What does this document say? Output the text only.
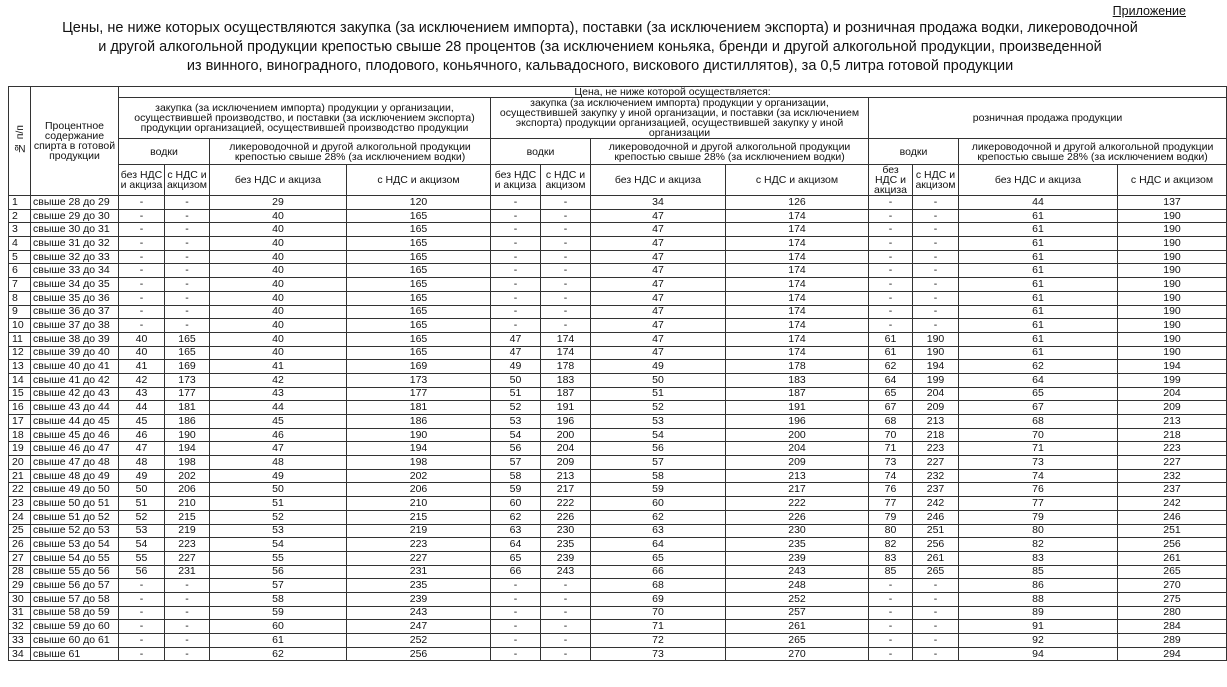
Приложение
Цены, не ниже которых осуществляются закупка (за исключением импорта), поставки (за исключением экспорта) и розничная продажа водки, ликероводочной
и другой алкогольной продукции крепостью свыше 28 процентов (за исключением коньяка, бренди и другой алкогольной продукции, произведенной
из винного, виноградного, плодового, коньячного, кальвадосного, вискового дистиллятов), за 0,5 литра готовой продукции
№ п/п	Процентное содержание спирта в готовой продукции	Цена, не ниже которой осуществляется:											
		закупка (за исключением импорта) продукции у организации, осуществившей производство, и поставки (за исключением экспорта) продукции организацией, осуществившей производство продукции				закупка (за исключением импорта) продукции у организации, осуществившей закупку у иной организации, и поставки (за исключением экспорта) продукции организацией, осуществившей закупку у иной организации				розничная продажа продукции			
		водки		ликероводочной и другой алкогольной продукции крепостью свыше 28% (за исключением водки)		водки		ликероводочной и другой алкогольной продукции крепостью свыше 28% (за исключением водки)		водки		ликероводочной и другой алкогольной продукции крепостью свыше 28% (за исключением водки)	
		без НДС и акциза	с НДС и акцизом	без НДС и акциза	с НДС и акцизом	без НДС и акциза	с НДС и акцизом	без НДС и акциза	с НДС и акцизом	без НДС и акциза	с НДС и акцизом	без НДС и акциза	с НДС и акцизом
1	свыше 28 до 29	-	-	29	120	-	-	34	126	-	-	44	137
2	свыше 29 до 30	-	-	40	165	-	-	47	174	-	-	61	190
3	свыше 30 до 31	-	-	40	165	-	-	47	174	-	-	61	190
4	свыше 31 до 32	-	-	40	165	-	-	47	174	-	-	61	190
5	свыше 32 до 33	-	-	40	165	-	-	47	174	-	-	61	190
6	свыше 33 до 34	-	-	40	165	-	-	47	174	-	-	61	190
7	свыше 34 до 35	-	-	40	165	-	-	47	174	-	-	61	190
8	свыше 35 до 36	-	-	40	165	-	-	47	174	-	-	61	190
9	свыше 36 до 37	-	-	40	165	-	-	47	174	-	-	61	190
10	свыше 37 до 38	-	-	40	165	-	-	47	174	-	-	61	190
11	свыше 38 до 39	40	165	40	165	47	174	47	174	61	190	61	190
12	свыше 39 до 40	40	165	40	165	47	174	47	174	61	190	61	190
13	свыше 40 до 41	41	169	41	169	49	178	49	178	62	194	62	194
14	свыше 41 до 42	42	173	42	173	50	183	50	183	64	199	64	199
15	свыше 42 до 43	43	177	43	177	51	187	51	187	65	204	65	204
16	свыше 43 до 44	44	181	44	181	52	191	52	191	67	209	67	209
17	свыше 44 до 45	45	186	45	186	53	196	53	196	68	213	68	213
18	свыше 45 до 46	46	190	46	190	54	200	54	200	70	218	70	218
19	свыше 46 до 47	47	194	47	194	56	204	56	204	71	223	71	223
20	свыше 47 до 48	48	198	48	198	57	209	57	209	73	227	73	227
21	свыше 48 до 49	49	202	49	202	58	213	58	213	74	232	74	232
22	свыше 49 до 50	50	206	50	206	59	217	59	217	76	237	76	237
23	свыше 50 до 51	51	210	51	210	60	222	60	222	77	242	77	242
24	свыше 51 до 52	52	215	52	215	62	226	62	226	79	246	79	246
25	свыше 52 до 53	53	219	53	219	63	230	63	230	80	251	80	251
26	свыше 53 до 54	54	223	54	223	64	235	64	235	82	256	82	256
27	свыше 54 до 55	55	227	55	227	65	239	65	239	83	261	83	261
28	свыше 55 до 56	56	231	56	231	66	243	66	243	85	265	85	265
29	свыше 56 до 57	-	-	57	235	-	-	68	248	-	-	86	270
30	свыше 57 до 58	-	-	58	239	-	-	69	252	-	-	88	275
31	свыше 58 до 59	-	-	59	243	-	-	70	257	-	-	89	280
32	свыше 59 до 60	-	-	60	247	-	-	71	261	-	-	91	284
33	свыше 60 до 61	-	-	61	252	-	-	72	265	-	-	92	289
34	свыше 61	-	-	62	256	-	-	73	270	-	-	94	294
